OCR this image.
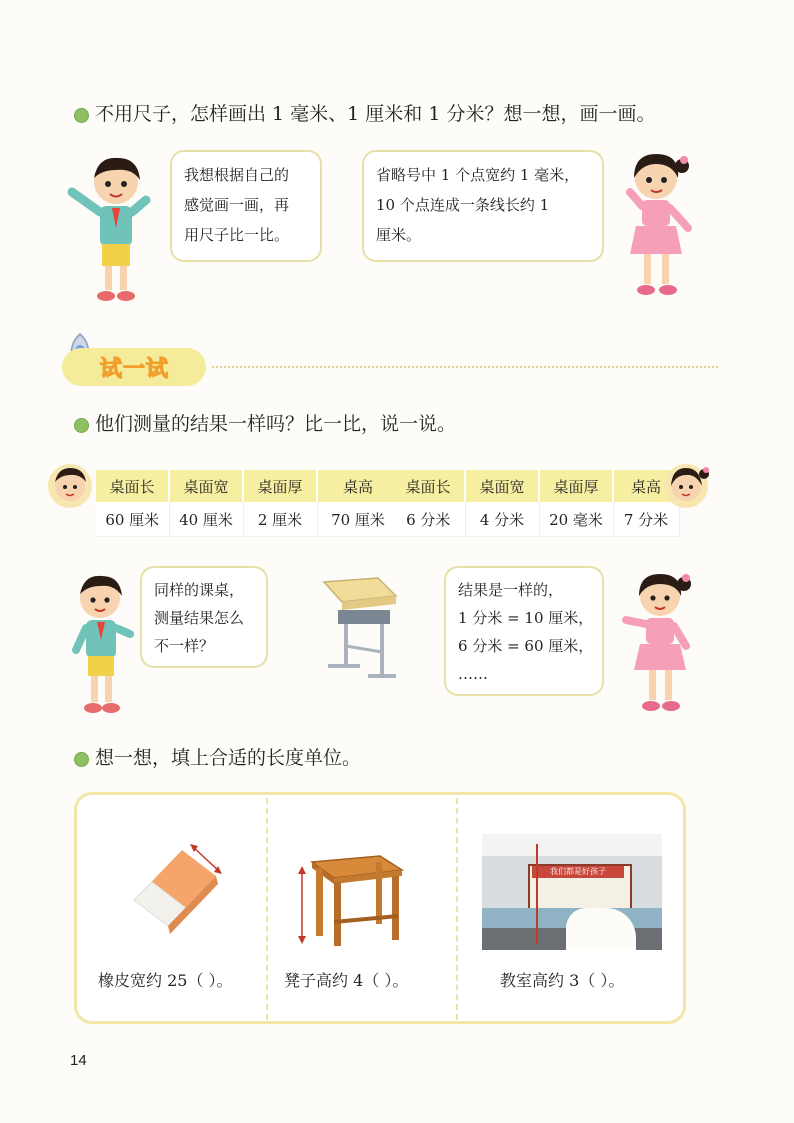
不用尺子，怎样画出 1 毫米、1 厘米和 1 分米？想一想，画一画。

我想根据自己的

感觉画一画，再

用尺子比一比。

省略号中 1 个点宽约 1 毫米，

10 个点连成一条线长约 1

厘米。

试一试
他们测量的结果一样吗？比一比，说一说。
桌面长	桌面宽	桌面厚	桌高
60 厘米	40 厘米	2 厘米	70 厘米
桌面长	桌面宽	桌面厚	桌高
6 分米	4 分米	20 毫米	7 分米

同样的课桌，

测量结果怎么

不一样？

结果是一样的，

1 分米 = 10 厘米，

6 分米 = 60 厘米，

……

想一想，填上合适的长度单位。
橡皮宽约 25（ ）。	凳子高约 4（ ）。
我们都是好孩子
教室高约 3（ ）。
14
